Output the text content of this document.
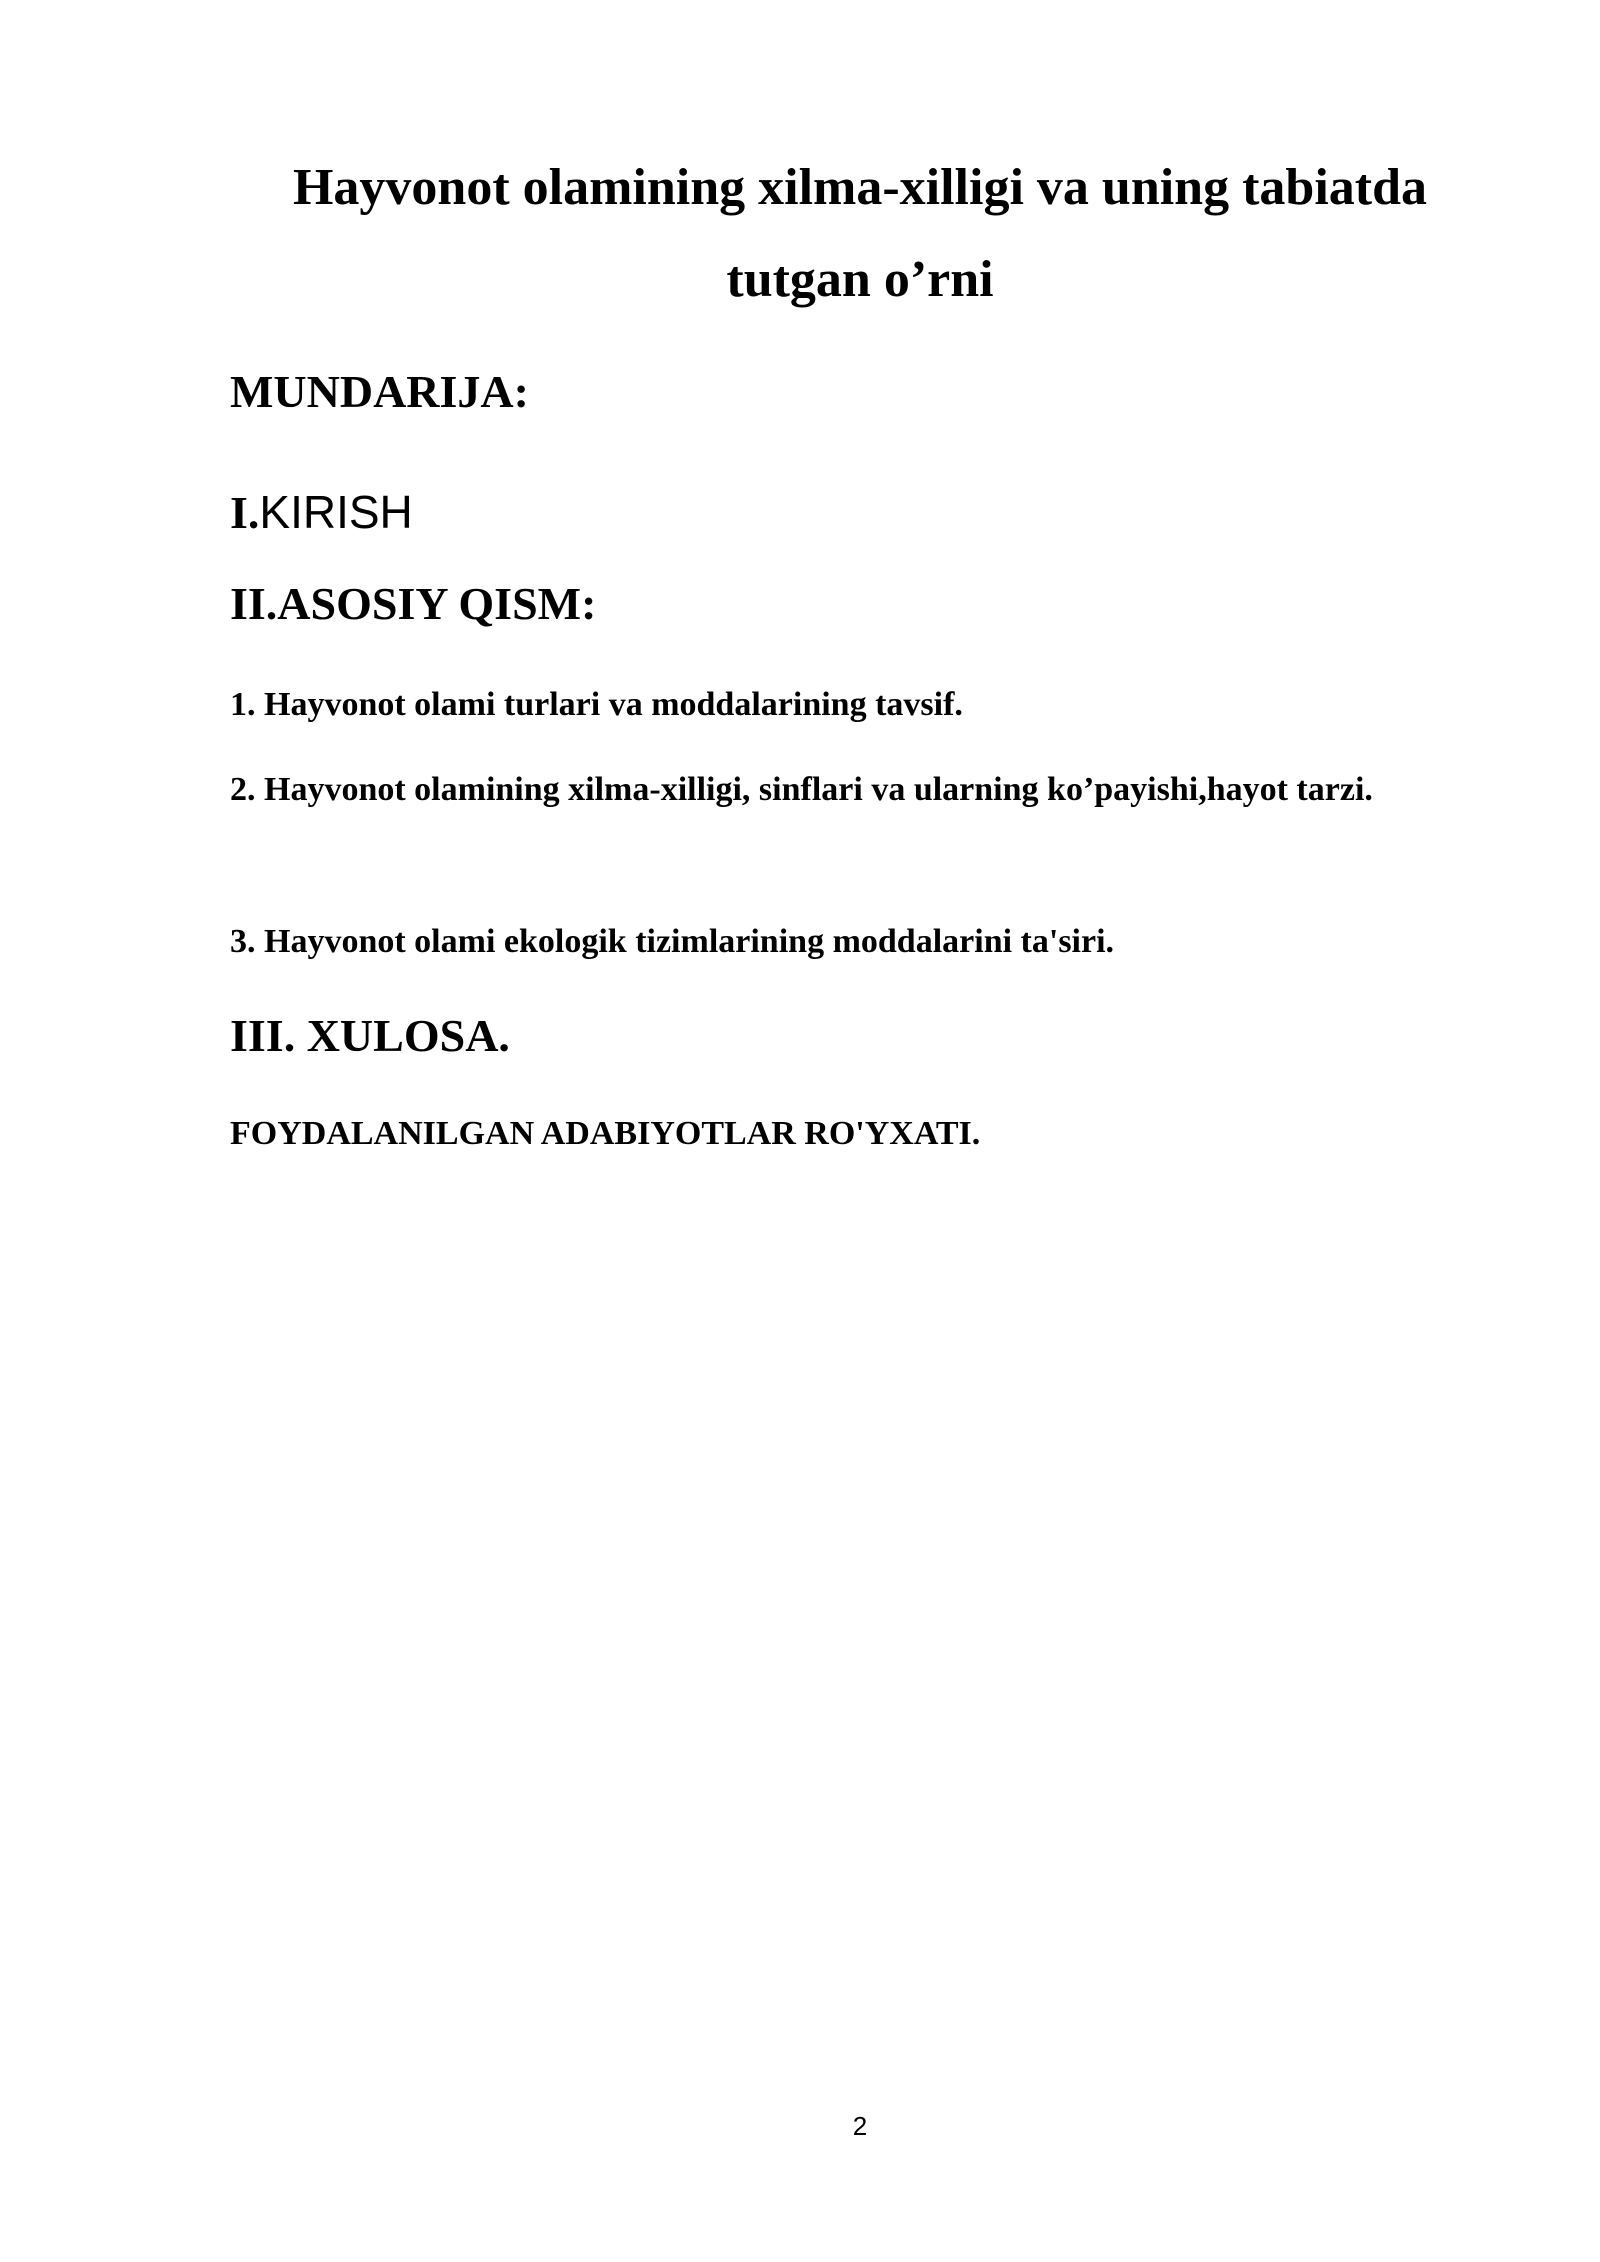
Hayvonot olamining xilma-xilligi va uning tabiatda tutgan o’rni
MUNDARIJA:
I.KIRISH
II.ASOSIY QISM:

1. Hayvonot olami turlari va moddalarining tavsif.

2. Hayvonot olamining xilma-xilligi, sinflari va ularning ko’payishi,hayot tarzi.

3. Hayvonot olami ekologik tizimlarining moddalarini ta'siri.

III. XULOSA.
FOYDALANILGAN ADABIYOTLAR RO'YXATI.
2
